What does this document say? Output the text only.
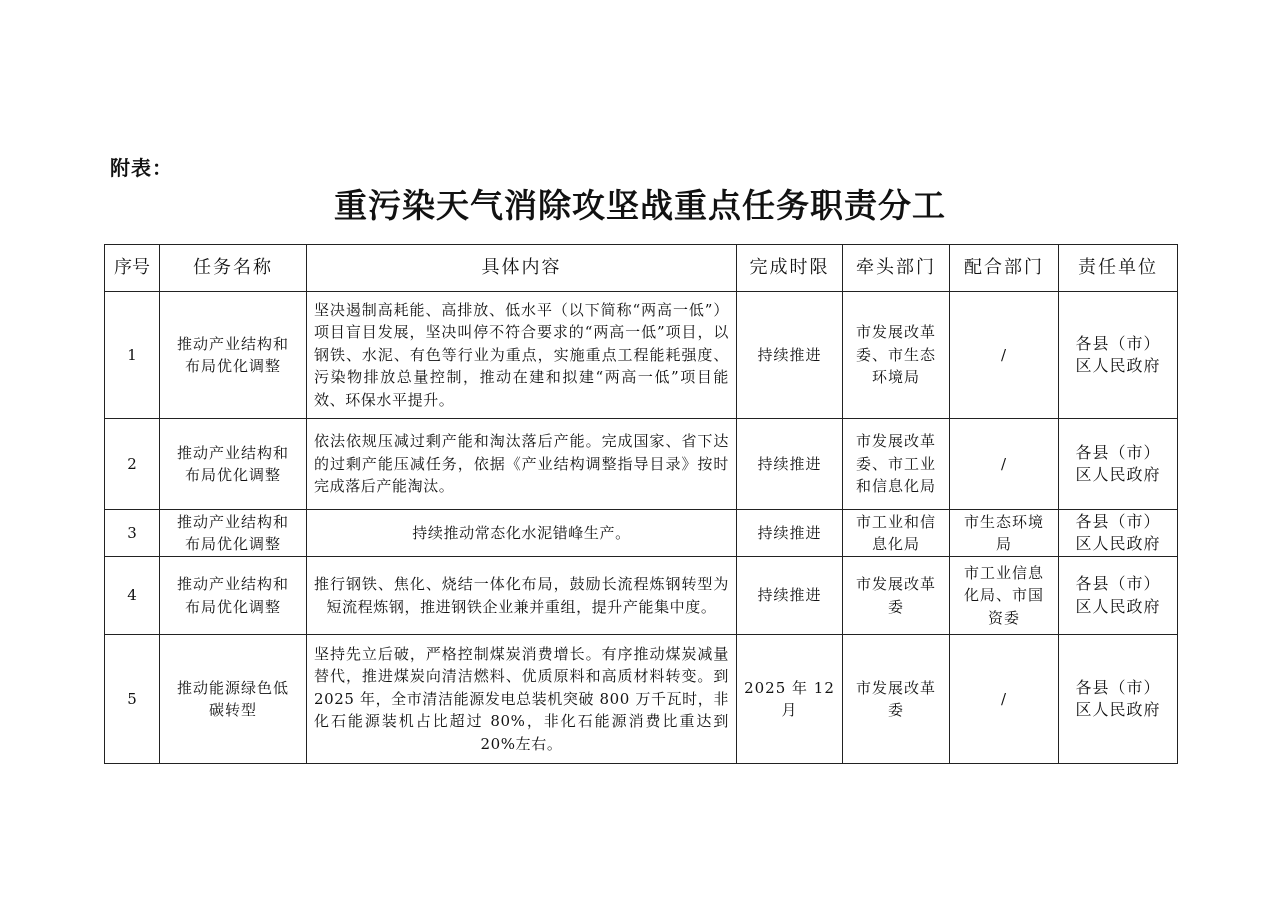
附表：
重污染天气消除攻坚战重点任务职责分工
序号	任务名称	具体内容	完成时限	牵头部门	配合部门	责任单位
1	推动产业结构和布局优化调整	坚决遏制高耗能、高排放、低水平（以下简称“两高一低”）项目盲目发展，坚决叫停不符合要求的“两高一低”项目，以钢铁、水泥、有色等行业为重点，实施重点工程能耗强度、污染物排放总量控制，推动在建和拟建“两高一低”项目能效、环保水平提升。	持续推进	市发展改革委、市生态环境局	/	各县（市）区人民政府
2	推动产业结构和布局优化调整	依法依规压减过剩产能和淘汰落后产能。完成国家、省下达的过剩产能压减任务，依据《产业结构调整指导目录》按时完成落后产能淘汰。	持续推进	市发展改革委、市工业和信息化局	/	各县（市）区人民政府
3	推动产业结构和布局优化调整	持续推动常态化水泥错峰生产。	持续推进	市工业和信息化局	市生态环境局	各县（市）区人民政府
4	推动产业结构和布局优化调整	推行钢铁、焦化、烧结一体化布局，鼓励长流程炼钢转型为短流程炼钢，推进钢铁企业兼并重组，提升产能集中度。	持续推进	市发展改革委	市工业信息化局、市国资委	各县（市）区人民政府
5	推动能源绿色低碳转型	坚持先立后破，严格控制煤炭消费增长。有序推动煤炭减量替代，推进煤炭向清洁燃料、优质原料和高质材料转变。到 2025 年，全市清洁能源发电总装机突破 800 万千瓦时，非化石能源装机占比超过 80%，非化石能源消费比重达到 20%左右。	2025 年 12 月	市发展改革委	/	各县（市）区人民政府
